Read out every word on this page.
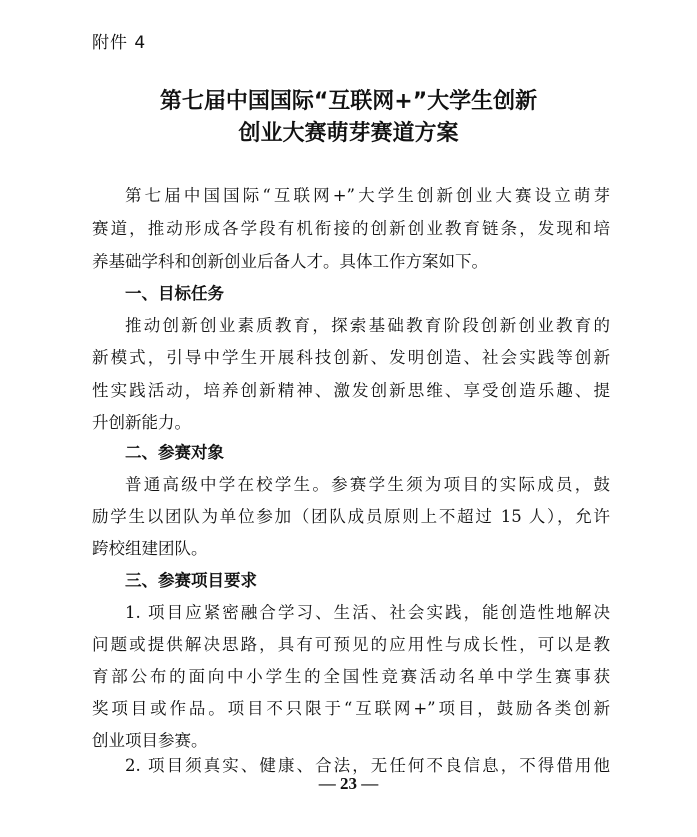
附件 4
第七届中国国际“互联网+”大学生创新
创业大赛萌芽赛道方案
第七届中国国际“互联网+”大学生创新创业大赛设立萌芽
赛道，推动形成各学段有机衔接的创新创业教育链条，发现和培
养基础学科和创新创业后备人才。具体工作方案如下。
一、目标任务
推动创新创业素质教育，探索基础教育阶段创新创业教育的
新模式，引导中学生开展科技创新、发明创造、社会实践等创新
性实践活动，培养创新精神、激发创新思维、享受创造乐趣、提
升创新能力。
二、参赛对象
普通高级中学在校学生。参赛学生须为项目的实际成员，鼓
励学生以团队为单位参加（团队成员原则上不超过 15 人），允许
跨校组建团队。
三、参赛项目要求
1. 项目应紧密融合学习、生活、社会实践，能创造性地解决
问题或提供解决思路，具有可预见的应用性与成长性，可以是教
育部公布的面向中小学生的全国性竞赛活动名单中学生赛事获
奖项目或作品。项目不只限于“互联网+”项目，鼓励各类创新
创业项目参赛。
2. 项目须真实、健康、合法，无任何不良信息，不得借用他
— 23 —
